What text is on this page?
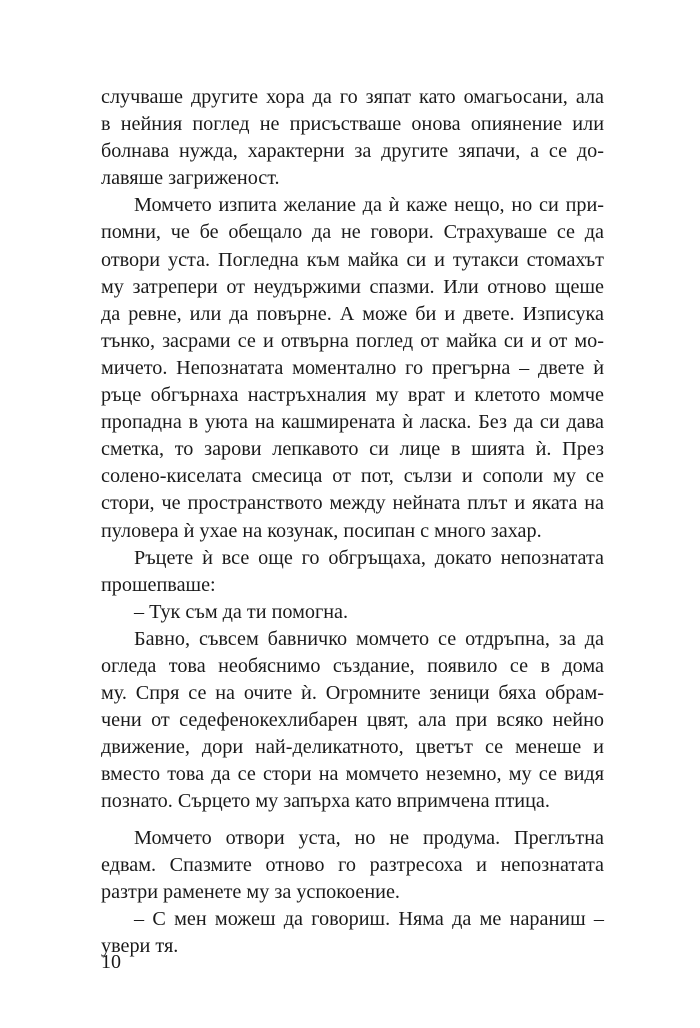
случваше другите хора да го зяпат като омагьосани, ала
в нейния поглед не присъстваше онова опиянение или
болнава нужда, характерни за другите зяпачи, а се до-
лавяше загриженост.
Момчето изпита желание да ѝ каже нещо, но си при-
помни, че бе обещало да не говори. Страхуваше се да
отвори уста. Погледна към майка си и тутакси стомахът
му затрепери от неудържими спазми. Или отново щеше
да ревне, или да повърне. А може би и двете. Изписука
тънко, засрами се и отвърна поглед от майка си и от мо-
мичето. Непознатата моментално го прегърна – двете ѝ
ръце обгърнаха настръхналия му врат и клетото момче
пропадна в уюта на кашмирената ѝ ласка. Без да си дава
сметка, то зарови лепкавото си лице в шията ѝ. През
солено-киселата смесица от пот, сълзи и сополи му се
стори, че пространството между нейната плът и яката на
пуловера ѝ ухае на козунак, посипан с много захар.
Ръцете ѝ все още го обгръщаха, докато непознатата
прошепваше:
– Тук съм да ти помогна.
Бавно, съвсем бавничко момчето се отдръпна, за да
огледа това необяснимо създание, появило се в дома
му. Спря се на очите ѝ. Огромните зеници бяха обрам-
чени от седефенокехлибарен цвят, ала при всяко нейно
движение, дори най-деликатното, цветът се менеше и
вместо това да се стори на момчето неземно, му се видя
познато. Сърцето му запърха като впримчена птица.
Момчето отвори уста, но не продума. Преглътна
едвам. Спазмите отново го разтресоха и непознатата
разтри раменете му за успокоение.
– С мен можеш да говориш. Няма да ме нараниш –
увери тя.
10
